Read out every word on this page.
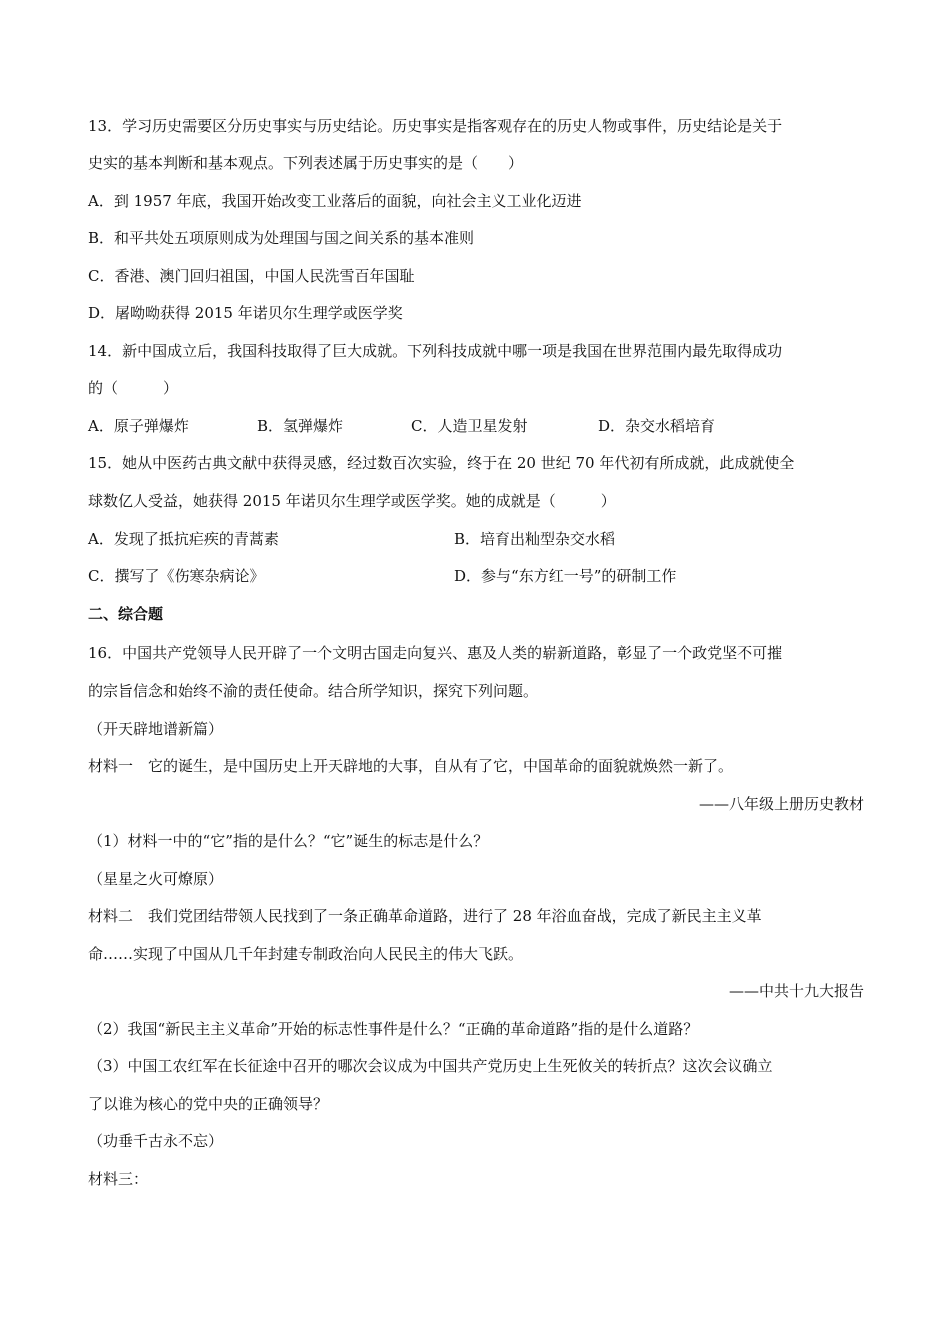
13．学习历史需要区分历史事实与历史结论。历史事实是指客观存在的历史人物或事件，历史结论是关于
史实的基本判断和基本观点。下列表述属于历史事实的是（　　）
A．到 1957 年底，我国开始改变工业落后的面貌，向社会主义工业化迈进
B．和平共处五项原则成为处理国与国之间关系的基本准则
C．香港、澳门回归祖国，中国人民洗雪百年国耻
D．屠呦呦获得 2015 年诺贝尔生理学或医学奖
14．新中国成立后，我国科技取得了巨大成就。下列科技成就中哪一项是我国在世界范围内最先取得成功
的（　　　）
A．原子弹爆炸	B．氢弹爆炸	C．人造卫星发射	D．杂交水稻培育
15．她从中医药古典文献中获得灵感，经过数百次实验，终于在 20 世纪 70 年代初有所成就，此成就使全
球数亿人受益，她获得 2015 年诺贝尔生理学或医学奖。她的成就是（　　　）
A．发现了抵抗疟疾的青蒿素	B．培育出籼型杂交水稻
C．撰写了《伤寒杂病论》	D．参与“东方红一号”的研制工作
二、综合题
16．中国共产党领导人民开辟了一个文明古国走向复兴、惠及人类的崭新道路，彰显了一个政党坚不可摧
的宗旨信念和始终不渝的责任使命。结合所学知识，探究下列问题。
（开天辟地谱新篇）
材料一　它的诞生，是中国历史上开天辟地的大事，自从有了它，中国革命的面貌就焕然一新了。
——八年级上册历史教材
（1）材料一中的“它”指的是什么？“它”诞生的标志是什么？
（星星之火可燎原）
材料二　我们党团结带领人民找到了一条正确革命道路，进行了 28 年浴血奋战，完成了新民主主义革
命……实现了中国从几千年封建专制政治向人民民主的伟大飞跃。
——中共十九大报告
（2）我国“新民主主义革命”开始的标志性事件是什么？“正确的革命道路”指的是什么道路？
（3）中国工农红军在长征途中召开的哪次会议成为中国共产党历史上生死攸关的转折点？这次会议确立
了以谁为核心的党中央的正确领导？
（功垂千古永不忘）
材料三：
